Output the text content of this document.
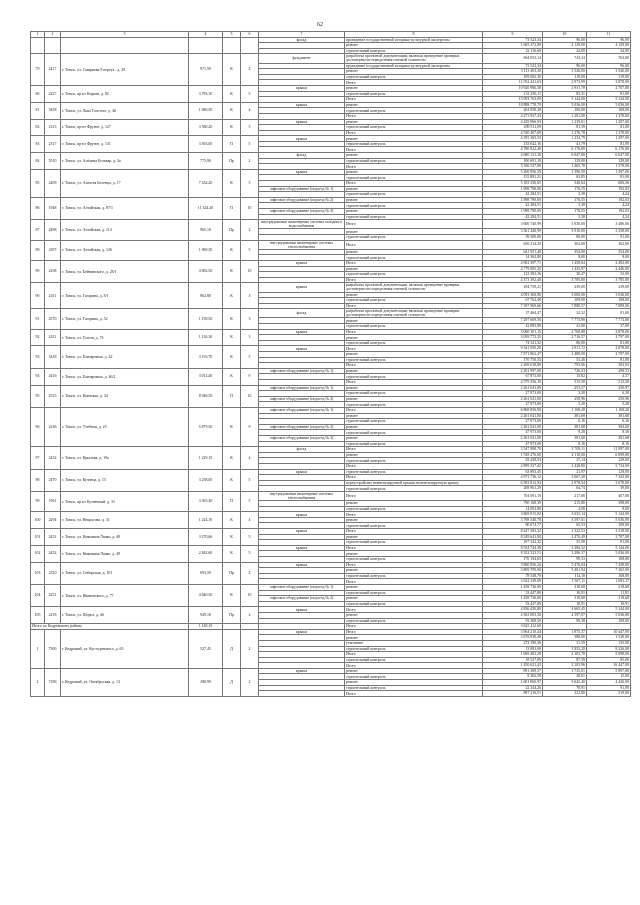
62
1	2	3	4	5	6	7	8	9	10	11
						фасад	проведение государственной историко-культурной экспертизы	73 523,34	96,00	96,00
							ремонт	1 665 472,80	4 129,00	4 129,00
							строительный контроль	22 116,60	24,00	24,00
79	2417	г. Томск, ул. Смирнова 9 переул., д. 29	971,50	К	2	фундамент	разработка проектной документации, включая проведение проверки достоверности определения сметной стоимости	694 053,14	743,34	763,00
							проведение государственной историко-культурной экспертизы	73 523,34	96,00	96,00
							ремонт	3 113 403,30	3 540,00	3 540,00
							строительный контроль	109 692,30	119,00	119,00
							Итого	11 052 441,63	2 973,99	3 878,00
80	2427	г. Томск, пр-кт Кирова, д. 82	3 783,10	К	5	крыша	ремонт	10 920 986,58	2 931,78	2 707,00
							строительный контроль	131 256,11	83,31	81,00
							Итого	15 093 763,00	5 144,00	5 144,00
81	5458	г. Томск, ул. Льва Толстого, д. 46	1 680,50	К	4	крыша	ремонт	18 888 778,70	5 036,00	5 036,00
							строительный контроль	204 958,38	106,00	108,00
							Итого	4 473 937,43	1 281,00	1 378,00
82	2313	г. Томск, пр-кт Фрунзе, д. 127	3 580,20	К	5	крыша	ремонт	4 429 966,93	1 239,61	1 297,00
							строительный контроль	209 511,09	81,39	81,00
							Итого	4 530 407,69	1 276,78	1 378,00
83	2317	г. Томск, пр-кт Фрунзе, д. 131	3 563,00	П	5	крыша	ремонт	4 395 365,53	1 234,79	1 297,00
							строительный контроль	135 042,16	41,79	81,00
							Итого	4 780 822,40	6 176,00	6 176,00
84	5510	г. Томск, ул. Алёхина Бульвар, д. 2а	775,90	Пр	2	фасад	ремонт	4 680 131,30	6 047,00	6 047,00
							строительный контроль	100 691,10	129,00	129,00
							Итого	5 356 527,80	1 465,78	1 378,00
85	2409	г. Томск, ул. Алексея Беленца, д. 17	7 434,20	К	5	крыша	ремонт	5 200 956,59	1 396,50	1 297,00
							строительный контроль	155 881,21	63,85	81,00
							Итого	5 183 336,65	540,64	606,36
						лифтовое оборудование (подъезд № 1)	ремонт	1 998 790,00	176,55	192,03
							строительный контроль	42 284,51	3,38	4,24
86	1948	г. Томск, ул. Алтайская, д. 87/1	11 324,20	П	10	лифтовое оборудование (подъезд № 2)	ремонт	1 998 790,00	176,55	192,03
							строительный контроль	42 284,51	3,38	4,24
						лифтовое оборудование (подъезд № 3)	ремонт	1 998 790,00	176,55	192,03
							строительный контроль	42 284,51	3,38	4,24
87	2498	г. Томск, ул. Алтайская, д. 114	965,10	Пр	2	внутридомовые инженерные системы холодного водоснабжения	Итого	3 600 740,99	3 930,00	3 486,00
							ремонт	3 561 440,99	3 910,00	3 358,00
							строительный контроль	39 300,00	80,00	91,00
88	2397	г. Томск, ул. Алтайская, д. 126	1 969,30	К	5	внутридомовые инженерные системы теплоснабжения	Итого	656 314,20	362,00	362,00
							ремонт	641 951,40	354,00	354,00
							строительный контроль	14 362,80	8,00	8,00
89	2238	г. Томск, ул. Бейнинского, д. 28/1	4 082,50	К	10	крыша	Итого	4 902 397,71	1 458,64	2 492,00
							ремонт	4 779 005,35	1 433,97	2 446,00
							строительный контроль	123 392,36	30,47	53,00
							Итого	4 373 392,40	3 785,00	3 785,00
90	2411	г. Томск, ул. Гагарина, д. 8/1	862,80	К	3	крыша	разработка проектной документации, включая проведение проверки достоверности определения сметной стоимости	294 759,21	239,00	239,00
							ремонт	4 093 360,80	3 000,00	3 036,00
							строительный контроль	67 762,40	109,00	108,00
							Итого	7 597 969,66	7 888,57	7 889,00
91	2570	г. Томск, ул. Гагарина, д. 52	1 158,50	К	3	фасад	разработка проектной документации, включая проведение проверки достоверности определения сметной стоимости	37 464,47	32,32	81,00
							ремонт	7 297 609,50	7 773,90	7 773,00
							строительный контроль	42 895,89	41,00	37,00
92	2411	г. Томск, ул. Гоголя, д. 74	1 126,30	К	3	крыша	Итого	3 060 101,15	2 768,88	2 878,00
							ремонт	3 059 772,35	2 716,57	2 797,00
							строительный контроль	74 341,52	86,00	81,00
93	5418	г. Томск, ул. Елизаровых, д. 42	3 193,70	К	5	крыша	Итого	9 341 950,20	2 811,72	2 878,00
							ремонт	7 871 862,47	2 488,00	2 797,00
							строительный контроль	170 750,53	53,46	81,00
							Итого	2 269 618,80	795,06	303,03
94	2416	г. Томск, ул. Елизаровых, д. 46/2	3 012,40	К	9	лифтовое оборудование (подъезд № 1)	ремонт	2 201 997,00	726,33	298,53
							строительный контроль	67 873,00	15,82	4,57
							Итого	4 579 356,10	515,58	515,58
95	2515	г. Томск, ул. Киевская, д. 34	8 946,50	П	10	лифтовое оборудование (подъезд № 1)	ремонт	2 261 041,00	253,57	250,97
							строительный контроль	27 973,00	3,20	6,38
						лифтовое оборудование (подъезд № 2)	ремонт	2 261 041,00	250,96	250,96
							строительный контроль	27 973,00	3,20	5,28
96	2236	г. Томск, ул. Учебная, д. 25	5 879,50	К	9	лифтовое оборудование (подъезд № 1)	Итого	6 868 856,90	1 168,20	1 168,20
							ремонт	2 261 041,00	381,68	381,68
							строительный контроль	27 973,00	6,16	6,16
						лифтовое оборудование (подъезд № 2)	ремонт	2 261 041,00	381,68	384,60
							строительный контроль	47 973,00	8,28	8,16
						лифтовое оборудование (подъезд № 3)	ремонт	2 261 041,00	381,68	381,68
							строительный контроль	47 973,00	8,16	8,16
97	2432	г. Томск, ул. Крылова, д. 10а	1 229,10	К	4	фасад	Итого	3 547 908,70	2 709,11	11 997,00
							ремонт	1 558 276,00	4 110,00	6 099,00
							строительный контроль	83 438,53	27,14	129,00
							Итого	2 899 337,42	2 426,00	5 734,00
98	2470	г. Томск, ул. Кузнеца, д. 15	3 258,00	К	5	крыша	строительный контроль	63 893,45	21,97	129,00
							Итого	4 972 736,12	3 067,28	7 343,00
							переустройство невентилируемой крыши на вентилируемую крышу	6 583 812,94	2 978,54	3 678,00
							строительный контроль	208 961,29	64,74	39,00
99	1961	г. Томск, пр-кт Кузнечный, д. 31	3 363,40	П	5	внутридомовые инженерные системы теплоснабжения	Итого	704 091,19	217,00	407,00
							ремонт	790 168,39	215,80	398,00
							строительный контроль	14 092,80	4,00	9,00
100	2294	г. Томск, ул. Некрасова, д. 31	1 224,10	К	4	крыша	Итого	3 869 815,82	3 633,14	5 144,00
							ремонт	3 798 540,78	3 597,61	5 036,00
							строительный контроль	80 074,77	65,53	108,00
101	2451	г. Томск, ул. Никитина/Лапко, д. 48	3 270,66	К	5	крыша	Итого	8 447 383,32	2 522,53	3 318,00
							ремонт	8 249 641,00	2 470,49	2 707,00
							строительный контроль	197 342,32	53,98	81,00
102	2452	г. Томск, ул. Никитина/Лапко, д. 48	2 842,60	К	5	крыша	Итого	8 554 744,38	3 384,32	5 144,00
							ремонт	8 352 523,51	3 286,37	5 036,00
							строительный контроль	170 194,65	99,33	108,00
103	2310	г. Томск, ул. Сибирская, д. 101	693,50	Пр	2	крыша	Итого	3 860 856,20	5 476,04	7 458,00
							ремонт	3 809 709,00	5 401,94	7 302,00
							строительный контроль	78 548,70	114,10	168,00
							Итого	3 022 339,00	1 567,11	1 683,17
104	2251	г. Томск, ул. Ивановского, д. 77	4 640,50	К	10	лифтовое оборудование (подъезд № 1)	ремонт	1 458 736,00	318,68	318,68
							строительный контроль	53 447,80	10,91	11,81
						лифтовое оборудование (подъезд № 2)	ремонт	1 458 736,00	318,68	318,68
							строительный контроль	53 447,80	10,91	10,91
105	2218	г. Томск, ул. Щорса, д. 46	949,10	Пр	2	крыша	Итого	4 836 450,80	4 665,45	5 144,00
							ремонт	4 363 003,30	4 597,07	5 036,00
							строительный контроль	93 368,50	99,38	108,00
Итого по Кедровскому району			1 149,10				Итого	3 625 412,60		
1	7300	г. Кедровый, ул. Кустодинского, д. 65	527,45	Д	2	крыша	Итого	3 964 210,44	1 875,37	10 447,00
							ремонт	3 678 938,48	588,00	1 528,00
							утепление	272 190,36	31,59	135,00
							строительный контроль	13 081,60	1 853,20	8 326,00
							Итого	1 669 482,28	2 103,78	5 098,00
							строительный контроль	18 527,09	87,59	85,00
							Итого	1 450 621,43	2 103,96	16 447,00
2	7186	г. Кедровый, ул. Октябрьская, д. 14	288,99	Д	2	крыша	ремонт	891 309,57	1 735,01	5 897,00
							строительный контроль	8 365,58	28,01	15,00
							ремонт	1 601 060,97	5 642,40	4 426,00
							строительный контроль	22 344,26	78,91	91,00
							Итого	887 316,51	322,80	319,00
